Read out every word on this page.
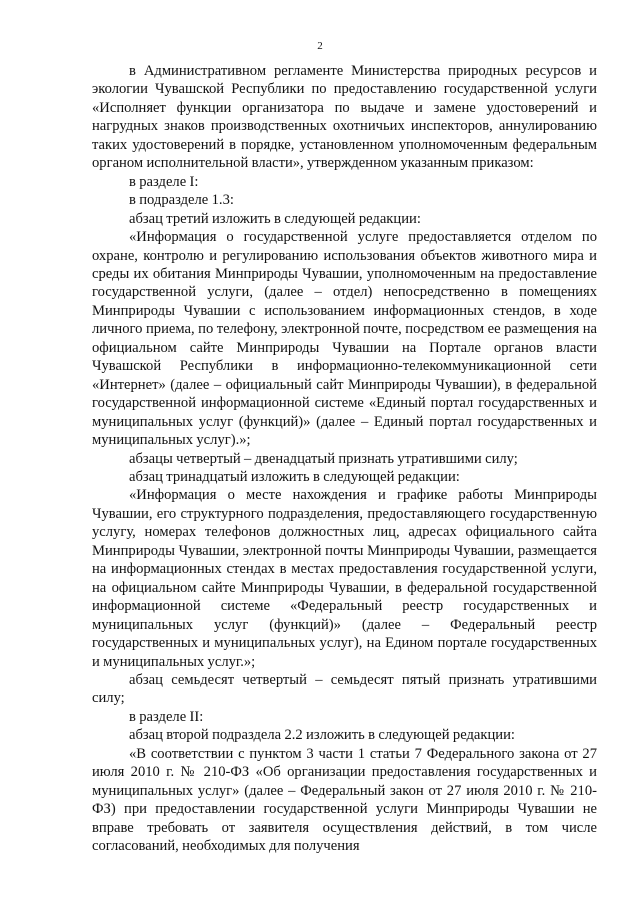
2

в Административном регламенте Министерства природных ресурсов и экологии Чувашской Республики по предоставлению государственной услуги «Исполняет функции организатора по выдаче и замене удостоверений и нагрудных знаков производственных охотничьих инспекторов, аннулированию таких удостоверений в порядке, установленном уполномоченным федеральным органом исполнительной власти», утвержденном указанным приказом:

в разделе I:

в подразделе 1.3:

абзац третий изложить в следующей редакции:

«Информация о государственной услуге предоставляется отделом по охране, контролю и регулированию использования объектов животного мира и среды их обитания Минприроды Чувашии, уполномоченным на предоставление государственной услуги, (далее – отдел) непосредственно в помещениях Минприроды Чувашии с использованием информационных стендов, в ходе личного приема, по телефону, электронной почте, посредством ее размещения на официальном сайте Минприроды Чувашии на Портале органов власти Чувашской Республики в информационно-телекоммуникационной сети «Интернет» (далее – официальный сайт Минприроды Чувашии), в федеральной государственной информационной системе «Единый портал государственных и муниципальных услуг (функций)» (далее – Единый портал государственных и муниципальных услуг).»;

абзацы четвертый – двенадцатый признать утратившими силу;

абзац тринадцатый изложить в следующей редакции:

«Информация о месте нахождения и графике работы Минприроды Чувашии, его структурного подразделения, предоставляющего государственную услугу, номерах телефонов должностных лиц, адресах официального сайта Минприроды Чувашии, электронной почты Минприроды Чувашии, размещается на информационных стендах в местах предоставления государственной услуги, на официальном сайте Минприроды Чувашии, в федеральной государственной информационной системе «Федеральный реестр государственных и муниципальных услуг (функций)» (далее – Федеральный реестр государственных и муниципальных услуг), на Едином портале государственных и муниципальных услуг.»;

абзац семьдесят четвертый – семьдесят пятый признать утратившими силу;

в разделе II:

абзац второй подраздела 2.2 изложить в следующей редакции:

«В соответствии с пунктом 3 части 1 статьи 7 Федерального закона от 27 июля 2010 г. № 210-ФЗ «Об организации предоставления государственных и муниципальных услуг» (далее – Федеральный закон от 27 июля 2010 г. № 210-ФЗ) при предоставлении государственной услуги Минприроды Чувашии не вправе требовать от заявителя осуществления действий, в том числе согласований, необходимых для получения
